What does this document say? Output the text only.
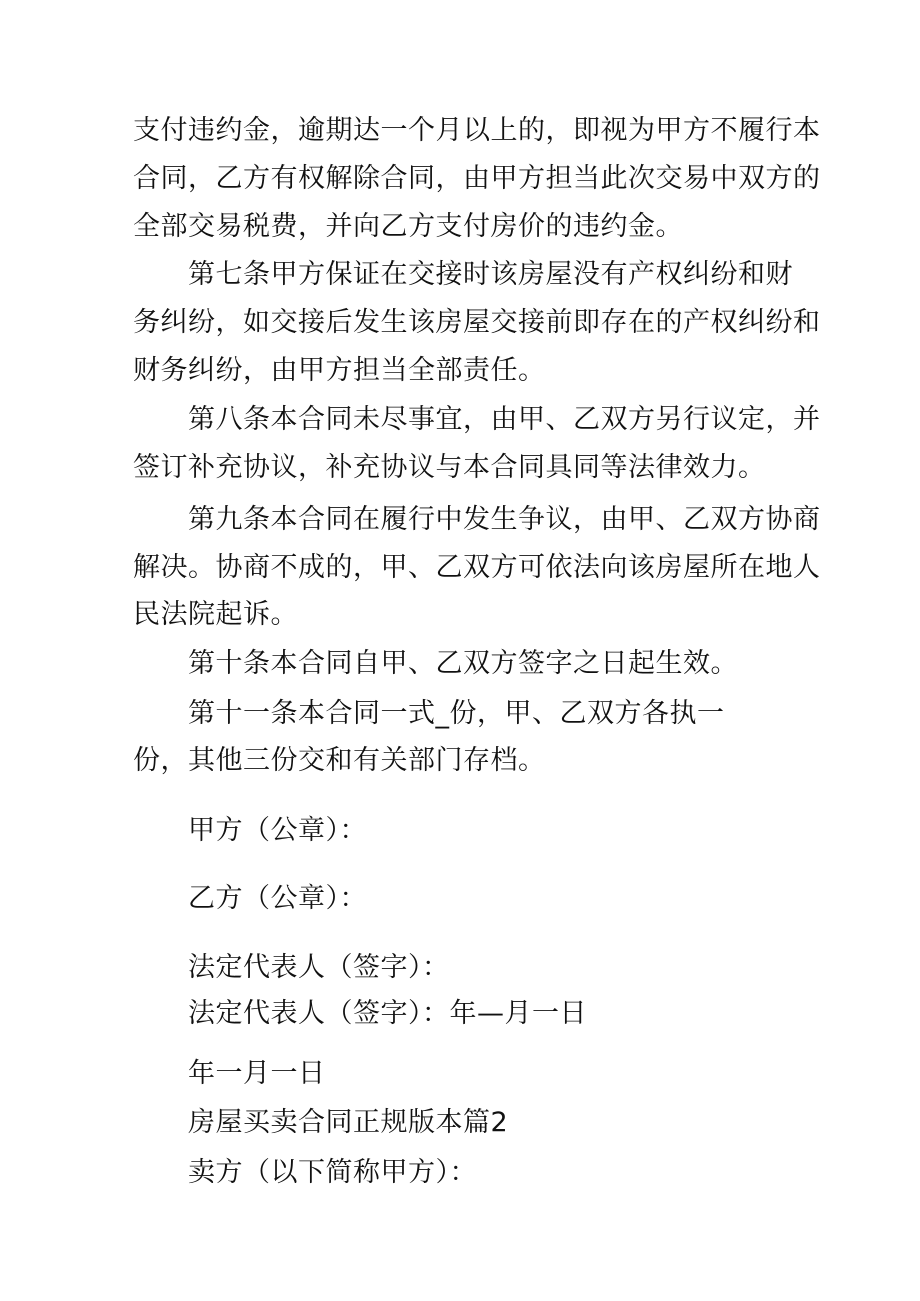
支付违约金，逾期达一个月以上的，即视为甲方不履行本
合同，乙方有权解除合同，由甲方担当此次交易中双方的
全部交易税费，并向乙方支付房价的违约金。
第七条甲方保证在交接时该房屋没有产权纠纷和财
务纠纷，如交接后发生该房屋交接前即存在的产权纠纷和
财务纠纷，由甲方担当全部责任。
第八条本合同未尽事宜，由甲、乙双方另行议定，并
签订补充协议，补充协议与本合同具同等法律效力。
第九条本合同在履行中发生争议，由甲、乙双方协商
解决。协商不成的，甲、乙双方可依法向该房屋所在地人
民法院起诉。
第十条本合同自甲、乙双方签字之日起生效。
第十一条本合同一式_份，甲、乙双方各执一
份，其他三份交和有关部门存档。
甲方（公章）：
乙方（公章）：
法定代表人（签字）：
法定代表人（签字）：年—月一日
年一月一日
房屋买卖合同正规版本篇2
卖方（以下简称甲方）：
